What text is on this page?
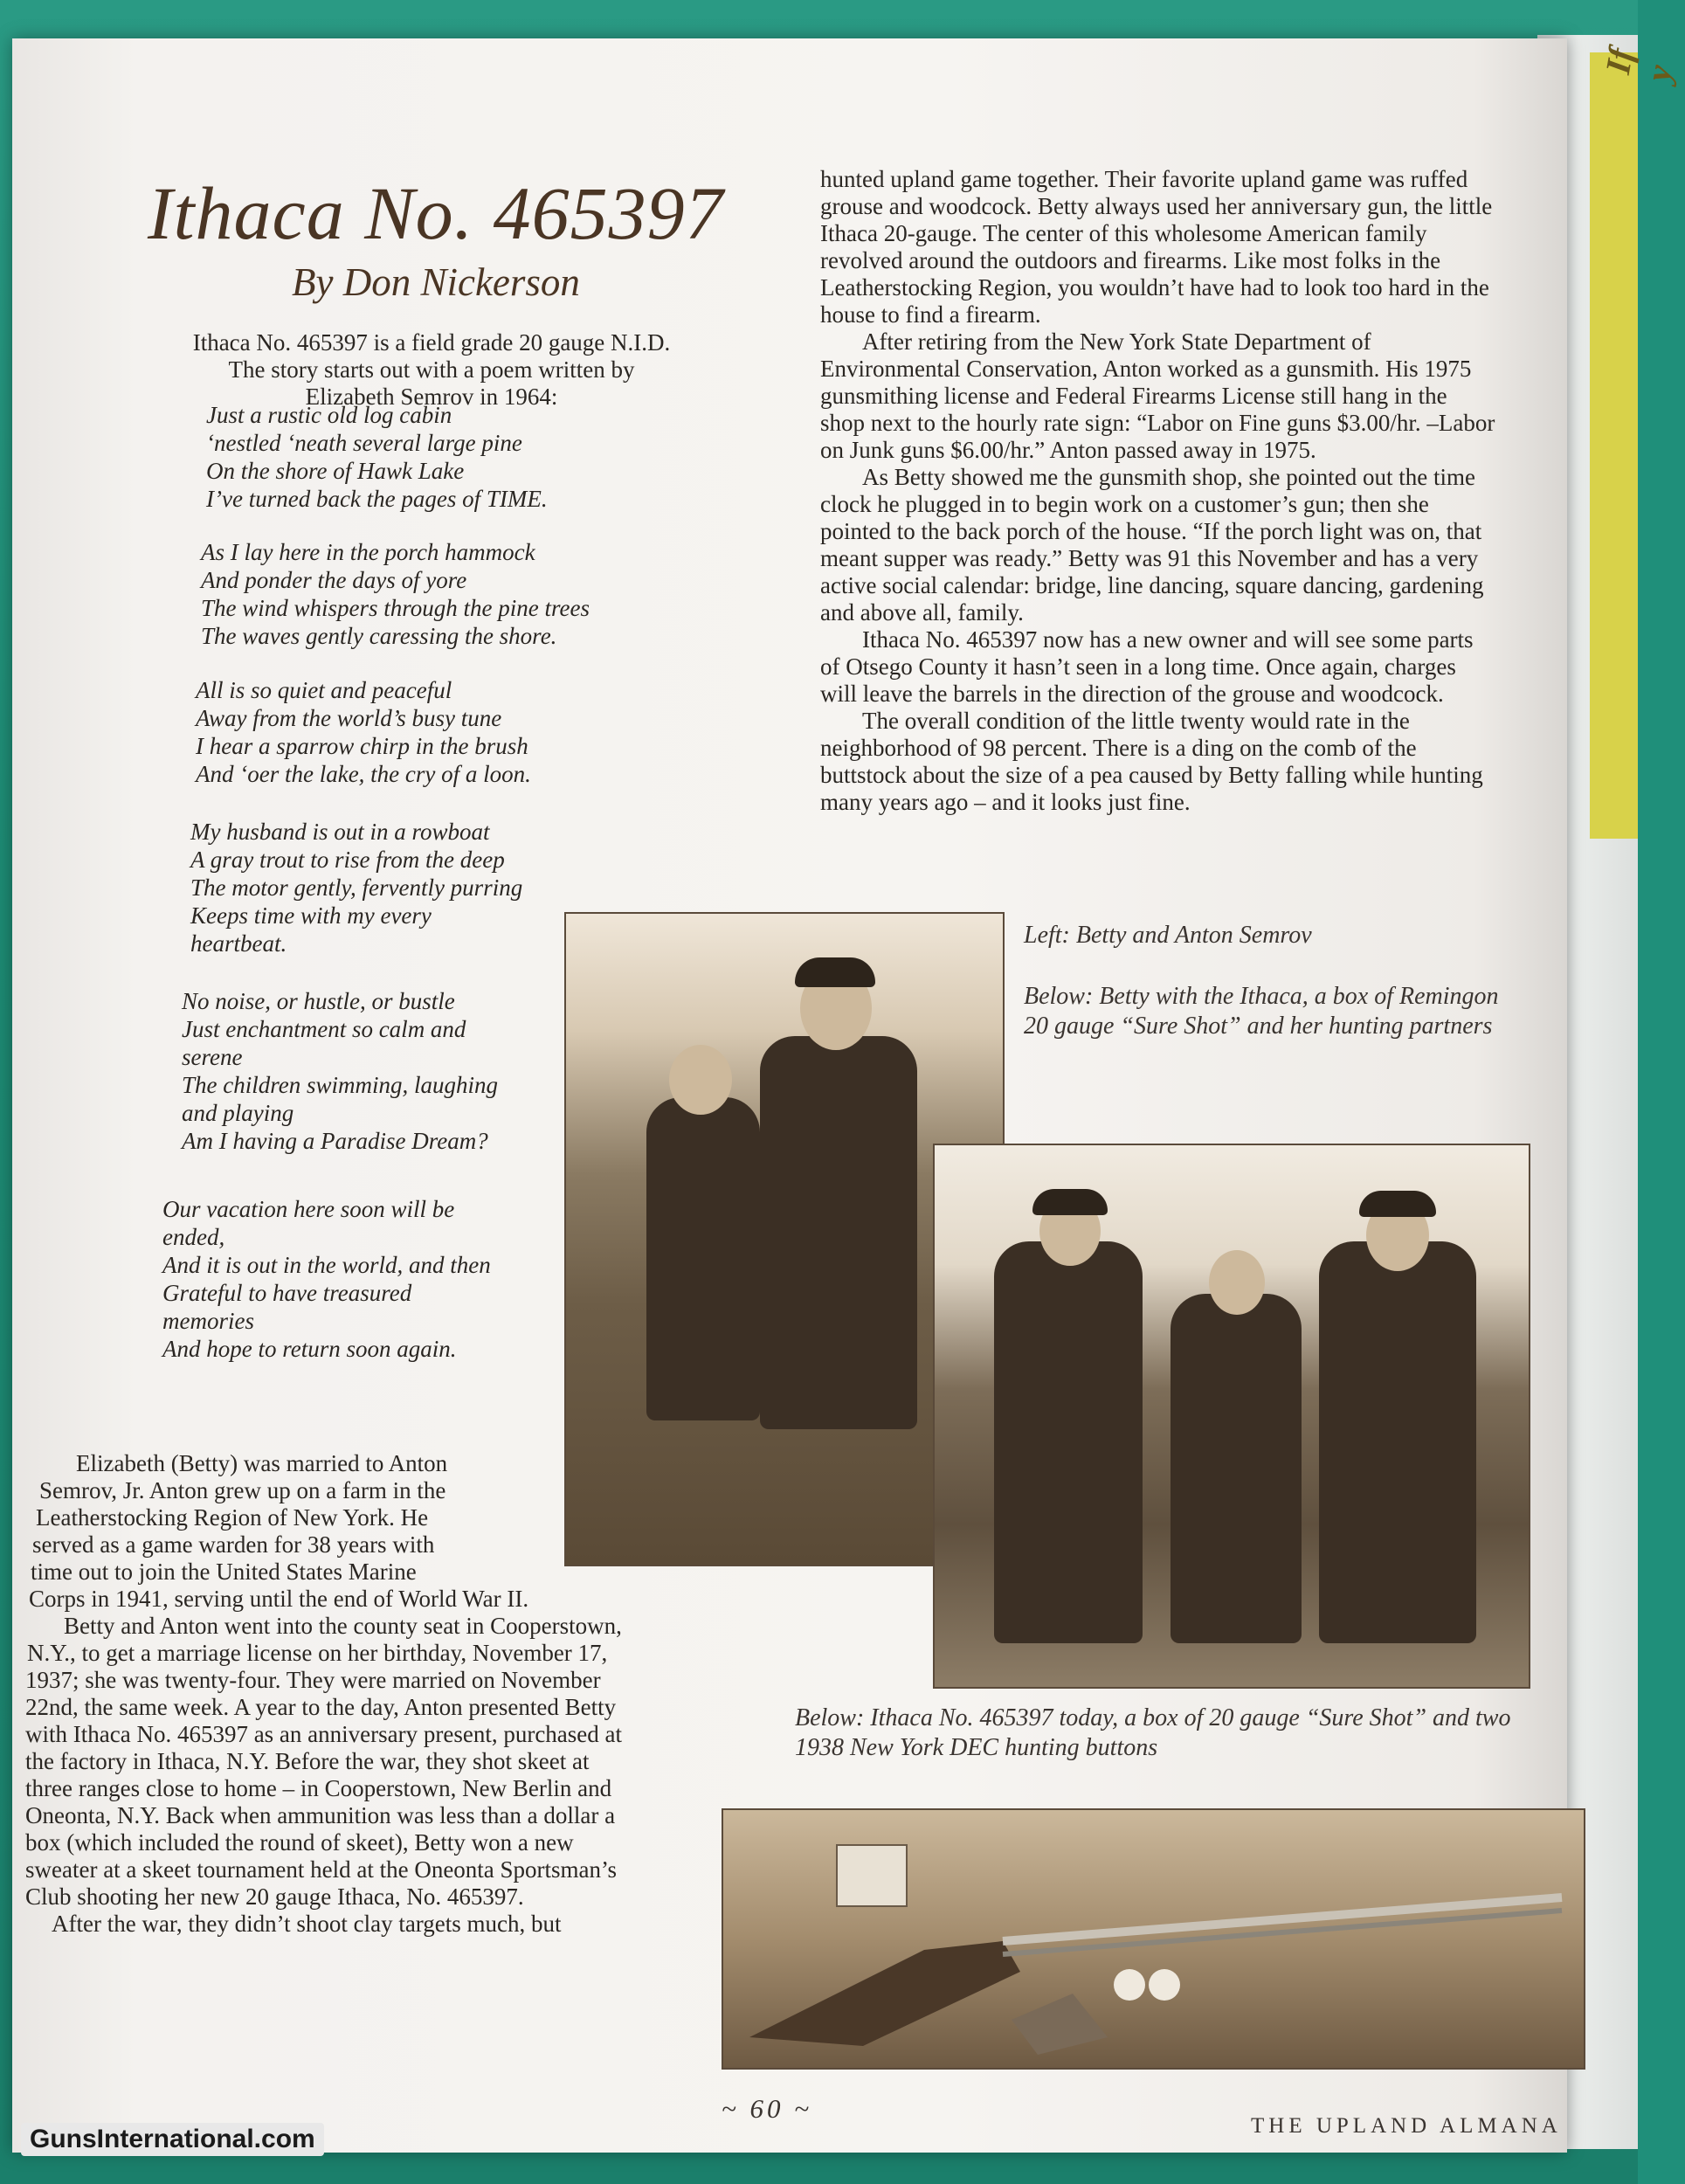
If y
Ithaca No. 465397
By Don Nickerson
Ithaca No. 465397 is a field grade 20 gauge N.I.D.
The story starts out with a poem written by
Elizabeth Semrov in 1964:
Just a rustic old log cabin
‘nestled ‘neath several large pine
On the shore of Hawk Lake
I’ve turned back the pages of TIME.
As I lay here in the porch hammock
And ponder the days of yore
The wind whispers through the pine trees
The waves gently caressing the shore.
All is so quiet and peaceful
Away from the world’s busy tune
I hear a sparrow chirp in the brush
And ‘oer the lake, the cry of a loon.
My husband is out in a rowboat
A gray trout to rise from the deep
The motor gently, fervently purring
Keeps time with my every
heartbeat.
No noise, or hustle, or bustle
Just enchantment so calm and
serene
The children swimming, laughing
and playing
Am I having a Paradise Dream?
Our vacation here soon will be
ended,
And it is out in the world, and then
Grateful to have treasured
memories
And hope to return soon again.
Elizabeth (Betty) was married to Anton
Semrov, Jr. Anton grew up on a farm in the
Leatherstocking Region of New York. He
served as a game warden for 38 years with
time out to join the United States Marine
Corps in 1941, serving until the end of World War II.
Betty and Anton went into the county seat in Cooperstown,
N.Y., to get a marriage license on her birthday, November 17,
1937; she was twenty-four. They were married on November
22nd, the same week. A year to the day, Anton presented Betty
with Ithaca No. 465397 as an anniversary present, purchased at
the factory in Ithaca, N.Y. Before the war, they shot skeet at
three ranges close to home – in Cooperstown, New Berlin and
Oneonta, N.Y. Back when ammunition was less than a dollar a
box (which included the round of skeet), Betty won a new
sweater at a skeet tournament held at the Oneonta Sportsman’s
Club shooting her new 20 gauge Ithaca, No. 465397.
After the war, they didn’t shoot clay targets much, but

hunted upland game together. Their favorite upland game was ruffed grouse and woodcock. Betty always used her anniversary gun, the little Ithaca 20-gauge. The center of this wholesome American family revolved around the outdoors and firearms. Like most folks in the Leatherstocking Region, you wouldn’t have had to look too hard in the house to find a firearm.

After retiring from the New York State Department of Environmental Conservation, Anton worked as a gunsmith. His 1975 gunsmithing license and Federal Firearms License still hang in the shop next to the hourly rate sign: “Labor on Fine guns $3.00/hr. –Labor on Junk guns $6.00/hr.” Anton passed away in 1975.

As Betty showed me the gunsmith shop, she pointed out the time clock he plugged in to begin work on a customer’s gun; then she pointed to the back porch of the house. “If the porch light was on, that meant supper was ready.” Betty was 91 this November and has a very active social calendar: bridge, line dancing, square dancing, gardening and above all, family.

Ithaca No. 465397 now has a new owner and will see some parts of Otsego County it hasn’t seen in a long time. Once again, charges will leave the barrels in the direction of the grouse and woodcock.

The overall condition of the little twenty would rate in the neighborhood of 98 percent. There is a ding on the comb of the buttstock about the size of a pea caused by Betty falling while hunting many years ago – and it looks just fine.

Left: Betty and Anton Semrov
Below: Betty with the Ithaca, a box of Remingon 20 gauge “Sure Shot” and her hunting partners
Below: Ithaca No. 465397 today, a box of 20 gauge “Sure Shot” and two 1938 New York DEC hunting buttons
~ 60 ~
THE UPLAND ALMANA
GunsInternational.com
